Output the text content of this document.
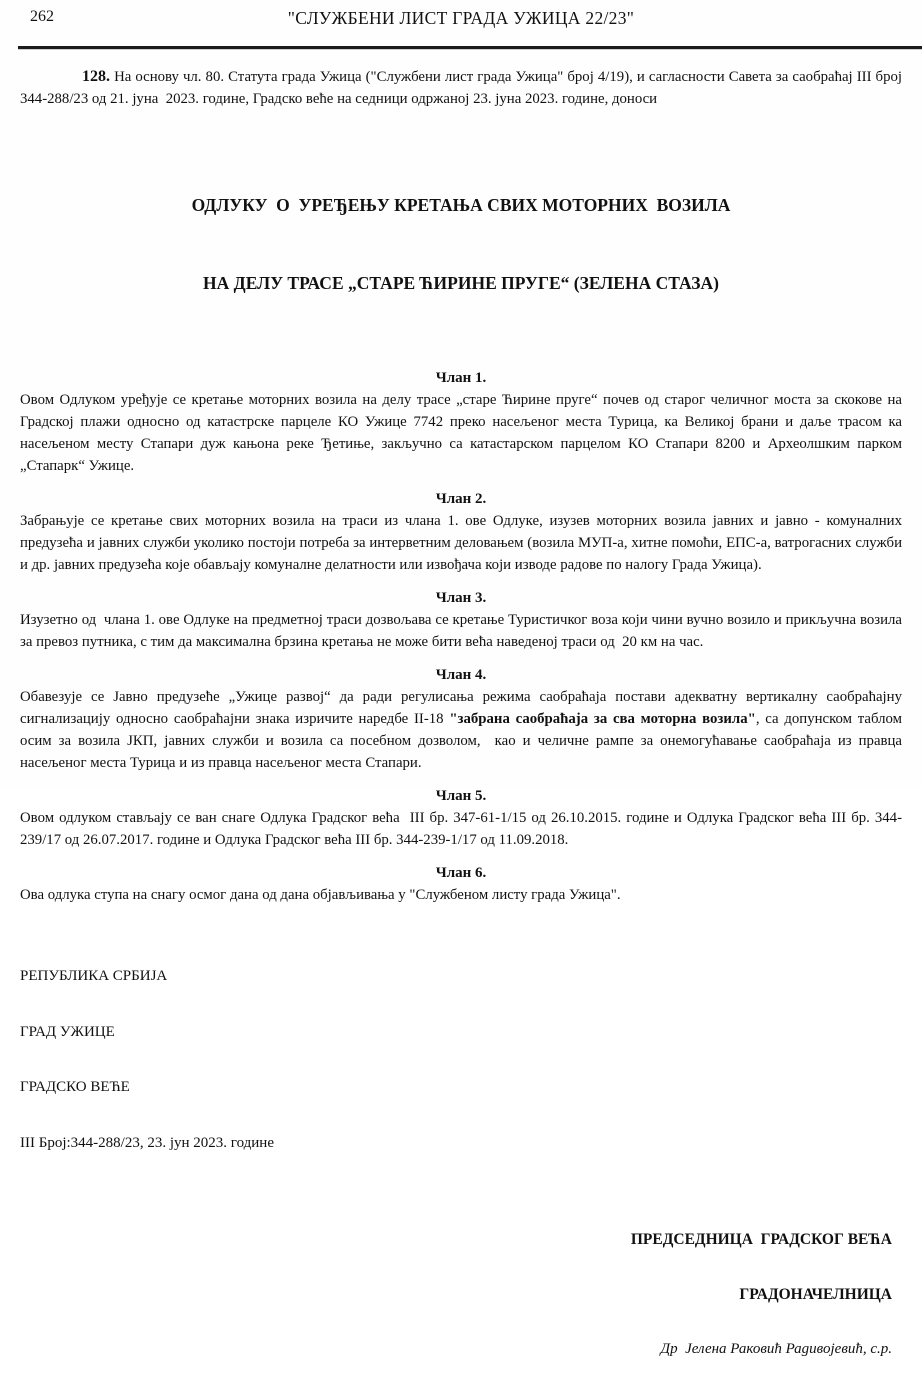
262	"СЛУЖБЕНИ ЛИСТ ГРАДА УЖИЦА 22/23"

128. На основу чл. 80. Статута града Ужица ("Службени лист града Ужица" број 4/19), и сагласности Савета за саобраћај III број 344-288/23 од 21. јуна  2023. године, Градско веће на седници одржаној 23. јуна 2023. године, доноси

ОДЛУКУ  О  УРЕЂЕЊУ КРЕТАЊА СВИХ МОТОРНИХ  ВОЗИЛА

НА ДЕЛУ ТРАСЕ „СТАРЕ ЋИРИНЕ ПРУГЕ“ (ЗЕЛЕНА СТАЗА)

Члан 1.

Овом Одлуком уређује се кретање моторних возила на делу трасе „старе Ћирине пруге“ почев од старог челичног моста за скокове на Градској плажи односно од катастрске парцеле КО Ужице 7742 преко насељеног места Турица, ка Великој брани и даље трасом ка насељеном месту Стапари дуж кањона реке Ђетиње, закључно са катастарском парцелом КО Стапари 8200 и Археолшким парком „Стапарк“ Ужице.

Члан 2.

Забрањује се кретање свих моторних возила на траси из члана 1. ове Одлуке, изузев моторних возила јавних и јавно - комуналних предузећа и јавних служби уколико постоји потреба за интерветним деловањем (возила МУП-а, хитне помоћи, ЕПС-а, ватрогасних служби и др. јавних предузећа које обављају комуналне делатности или извођача који изводе радове по налогу Града Ужица).

Члан 3.

Изузетно од  члана 1. ове Одлуке на предметној траси дозвољава се кретање Туристичког воза који чини вучно возило и прикључна возила за превоз путника, с тим да максимална брзина кретања не може бити већа наведеној траси од  20 км на час.

Члан 4.

Обавезује се Јавно предузеће „Ужице развој“ да ради регулисања режима саобраћаја постави адекватну вертикалну саобраћајну сигнализацију односно саобраћајни знака изричите наредбе II-18 "забрана саобраћаја за сва моторна возила", са допунском таблом осим за возила ЈКП, јавних служби и возила са посебном дозволом,  као и челичне рампе за онемогућавање саобраћаја из правца насељеног места Турица и из правца насељеног места Стапари.

Члан 5.

Овом одлуком стављају се ван снаге Одлука Градског већа  III бр. 347-61-1/15 од 26.10.2015. године и Одлука Градског већа III бр. 344-239/17 од 26.07.2017. године и Одлука Градског већа III бр. 344-239-1/17 од 11.09.2018.

Члан 6.

Ова одлука ступа на снагу осмог дана од дана објављивања у "Службеном листу града Ужица".

РЕПУБЛИКА СРБИЈА

ГРАД УЖИЦЕ

ГРАДСКО ВЕЋЕ

III Број:344-288/23, 23. јун 2023. године

ПРЕДСЕДНИЦА  ГРАДСКОГ ВЕЋА

ГРАДОНАЧЕЛНИЦА

Др  Јелена Раковић Радивојевић, с.р.
